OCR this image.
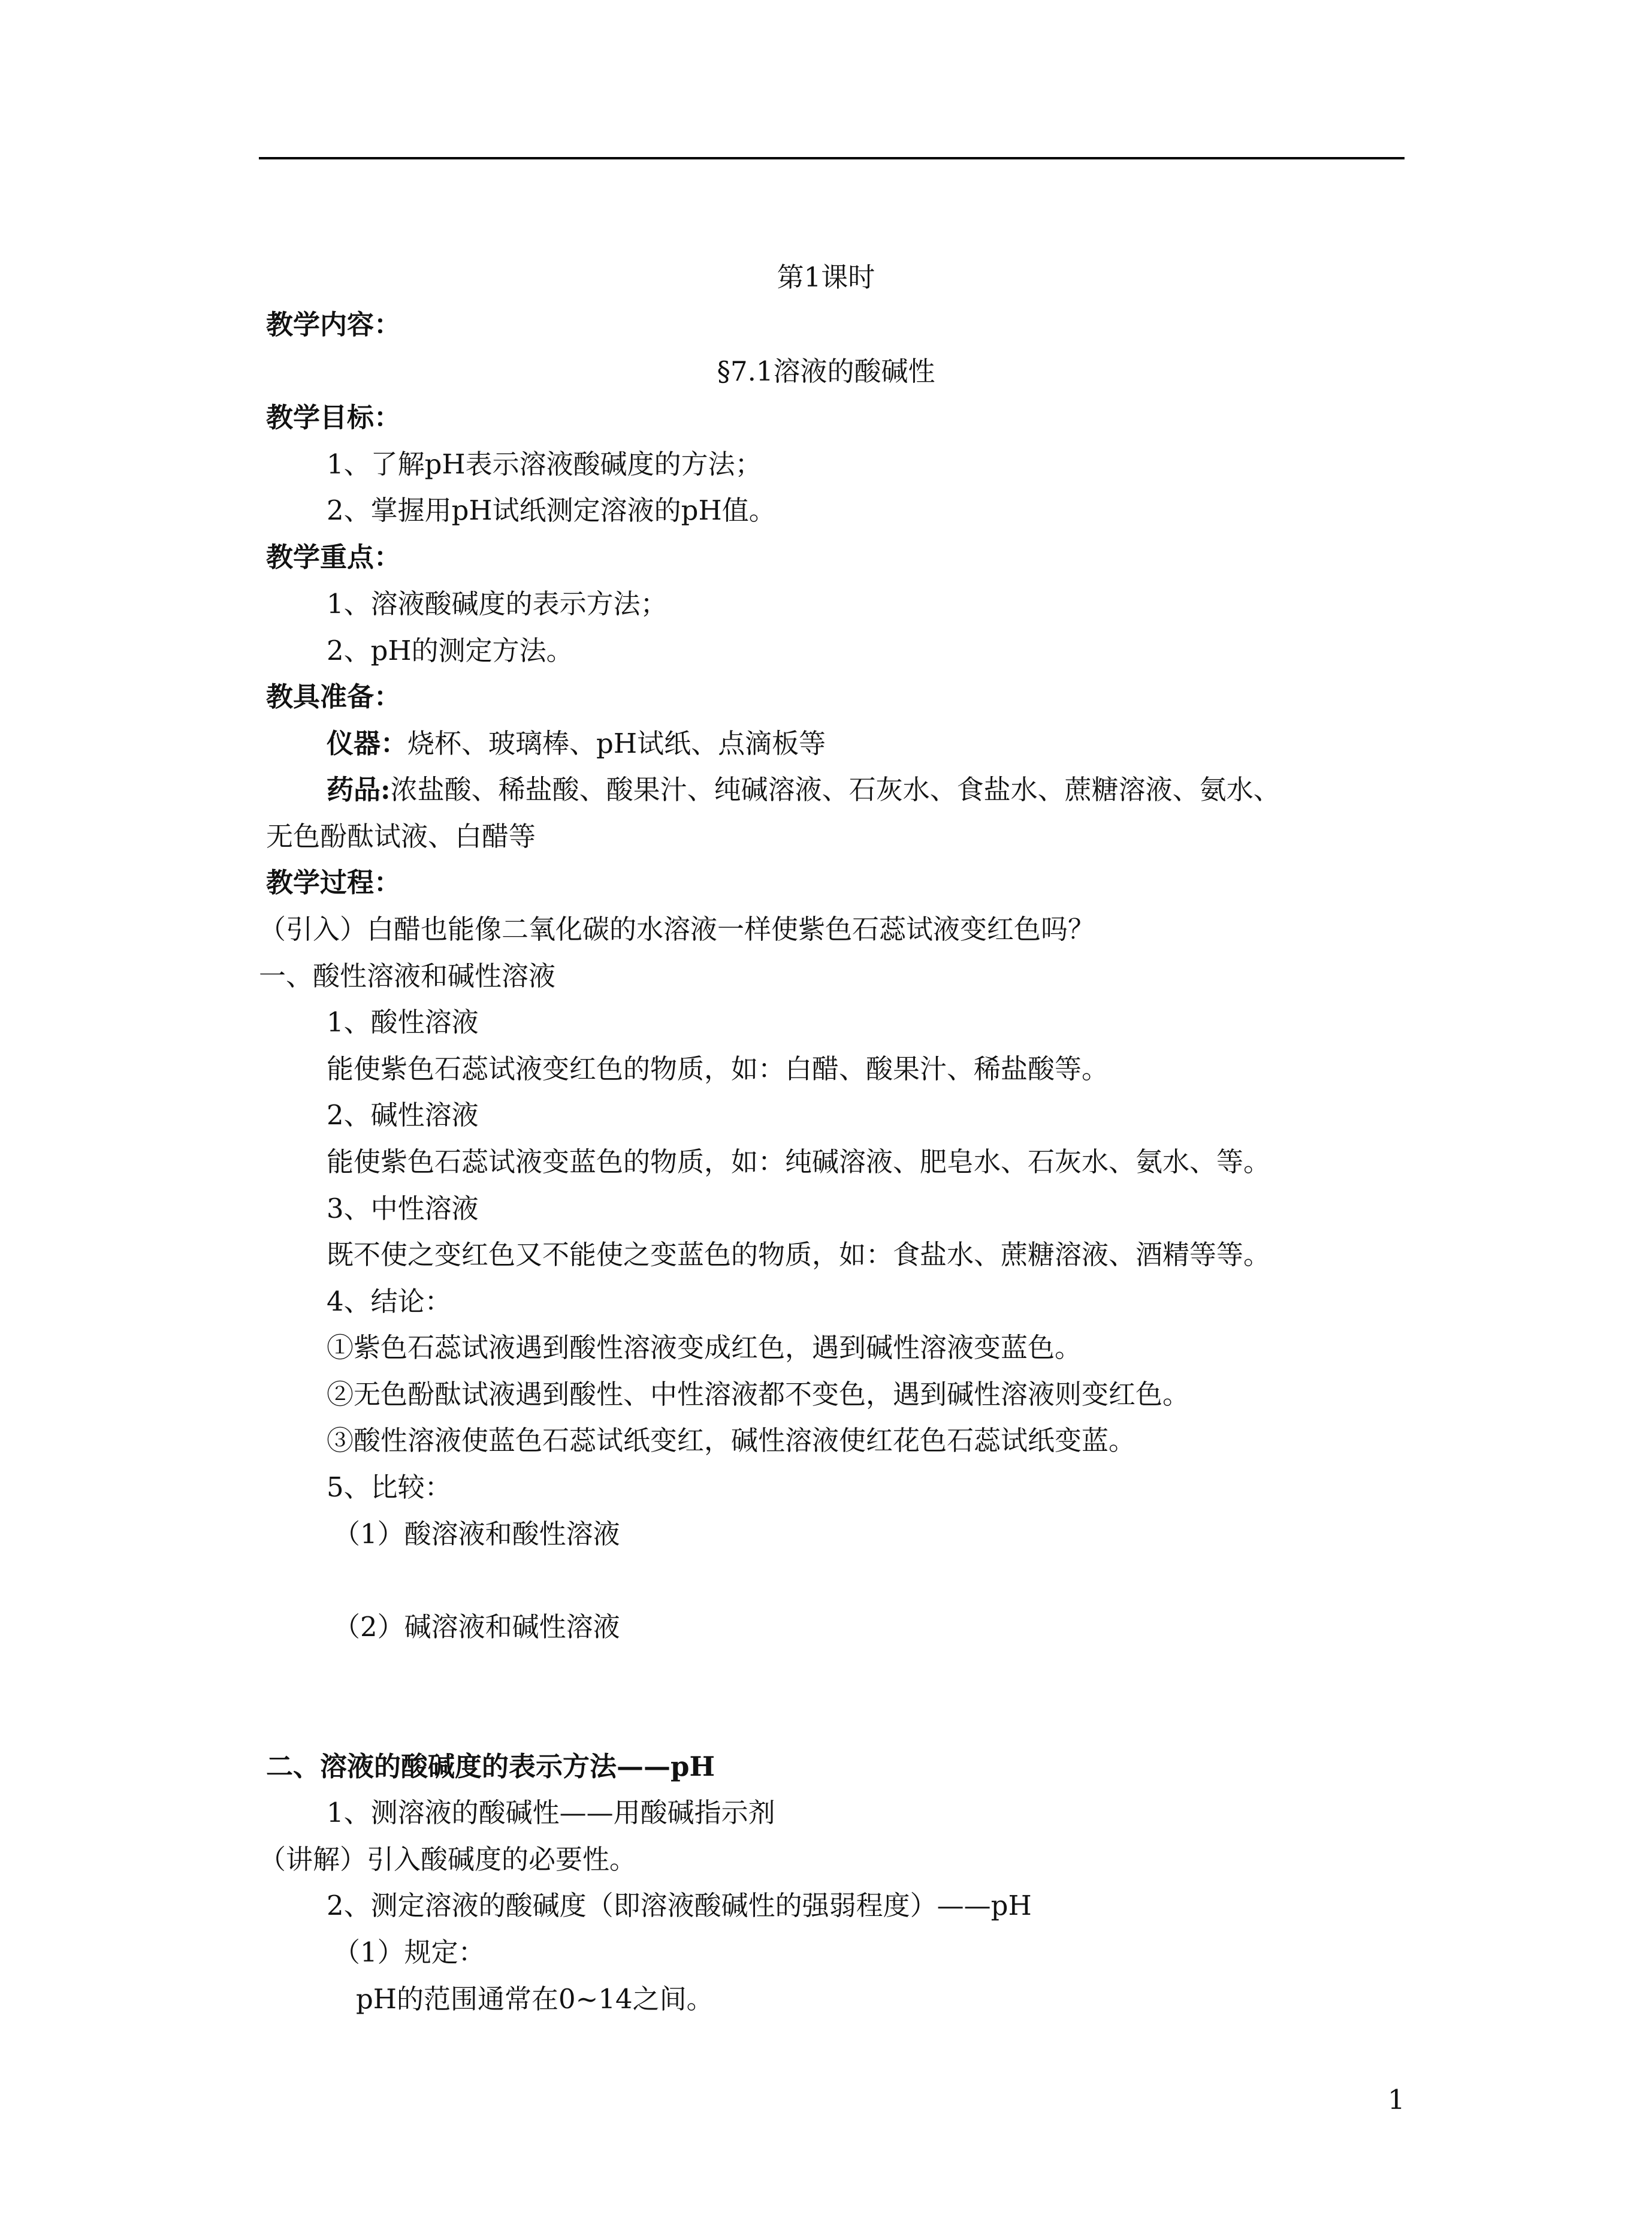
第1课时
教学内容：
§7.1溶液的酸碱性
教学目标：
1、了解pH表示溶液酸碱度的方法；
2、掌握用pH试纸测定溶液的pH值。
教学重点：
1、溶液酸碱度的表示方法；
2、pH的测定方法。
教具准备：
仪器：烧杯、玻璃棒、pH试纸、点滴板等
药品:浓盐酸、稀盐酸、酸果汁、纯碱溶液、石灰水、食盐水、蔗糖溶液、氨水、
无色酚酞试液、白醋等
教学过程：
（引入）白醋也能像二氧化碳的水溶液一样使紫色石蕊试液变红色吗？
一、酸性溶液和碱性溶液
1、酸性溶液
能使紫色石蕊试液变红色的物质，如：白醋、酸果汁、稀盐酸等。
2、碱性溶液
能使紫色石蕊试液变蓝色的物质，如：纯碱溶液、肥皂水、石灰水、氨水、等。
3、中性溶液
既不使之变红色又不能使之变蓝色的物质，如：食盐水、蔗糖溶液、酒精等等。
4、结论：
①紫色石蕊试液遇到酸性溶液变成红色，遇到碱性溶液变蓝色。
②无色酚酞试液遇到酸性、中性溶液都不变色，遇到碱性溶液则变红色。
③酸性溶液使蓝色石蕊试纸变红，碱性溶液使红花色石蕊试纸变蓝。
5、比较：
（1）酸溶液和酸性溶液
（2）碱溶液和碱性溶液
二、溶液的酸碱度的表示方法——pH
1、测溶液的酸碱性——用酸碱指示剂
（讲解）引入酸碱度的必要性。
2、测定溶液的酸碱度（即溶液酸碱性的强弱程度）——pH
（1）规定：
pH的范围通常在0~14之间。
1
